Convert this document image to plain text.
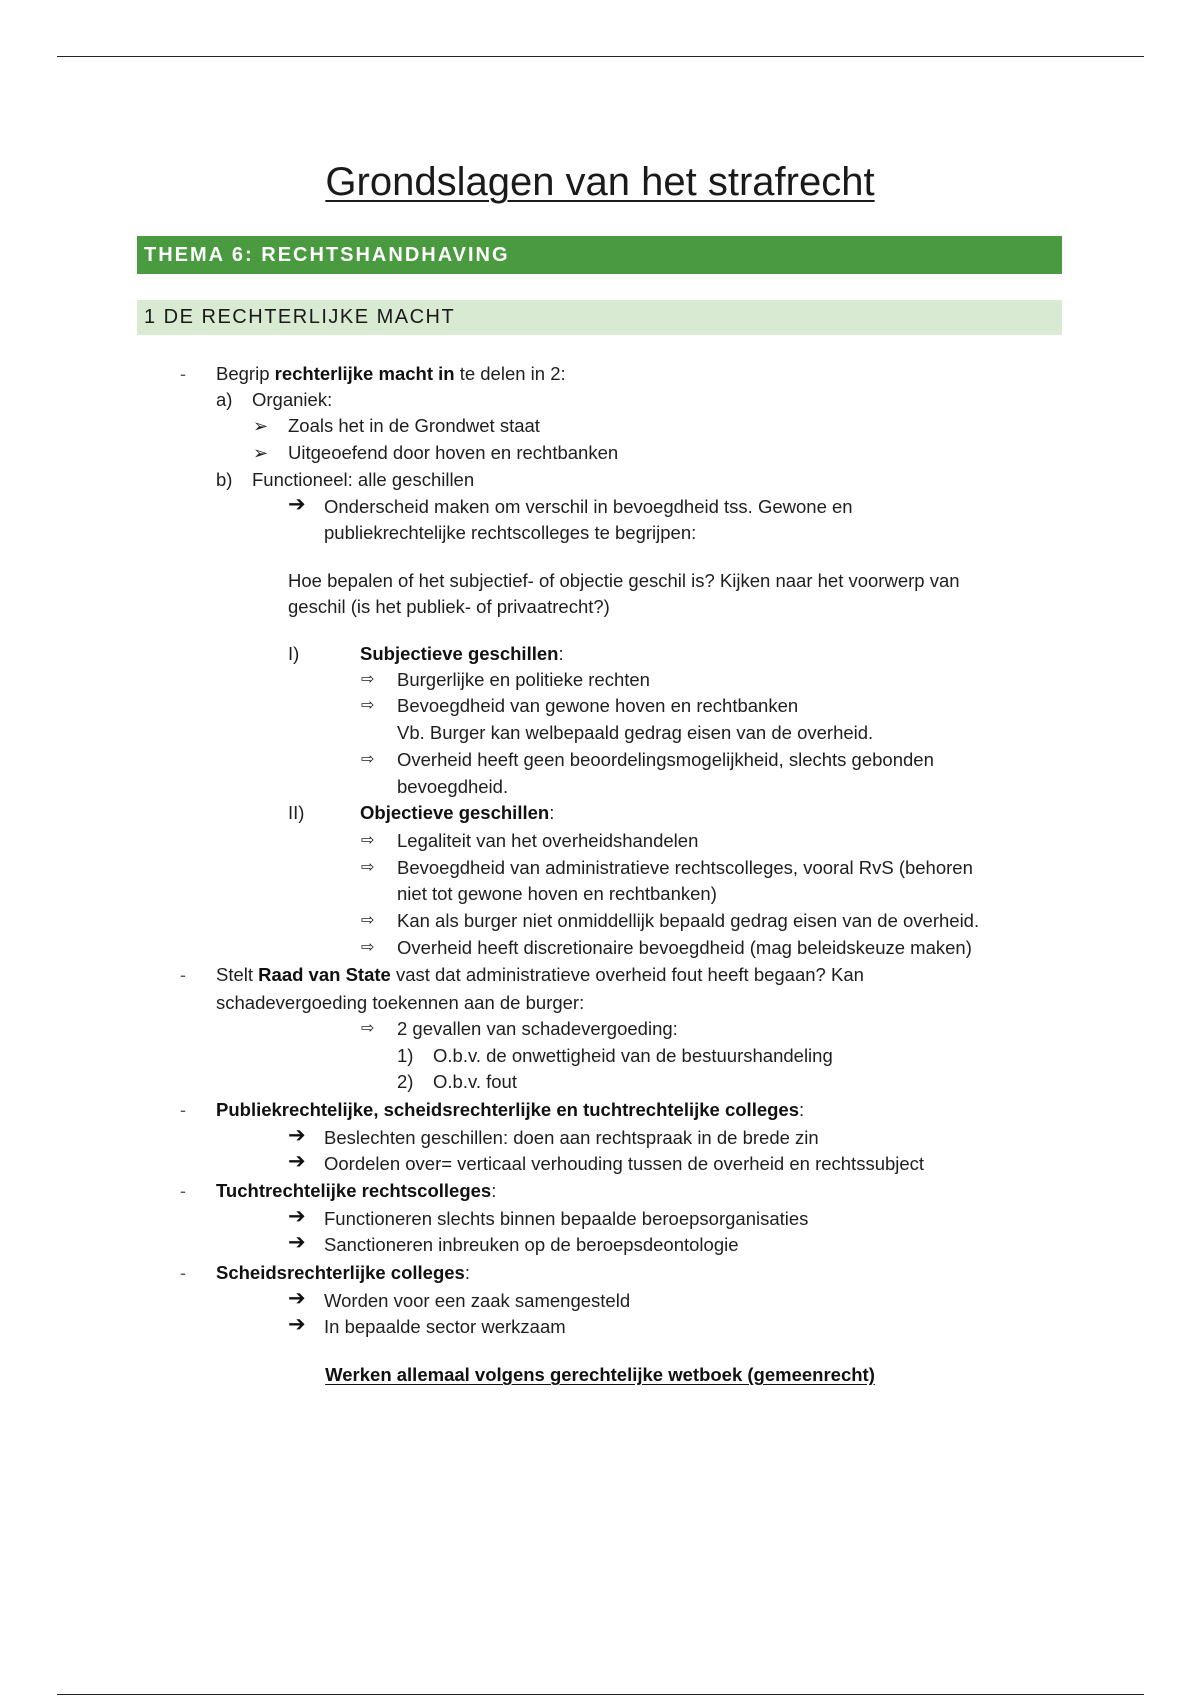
Grondslagen van het strafrecht
THEMA 6: RECHTSHANDHAVING
1 DE RECHTERLIJKE MACHT
- Begrip rechterlijke macht in te delen in 2:
a) Organiek:
➢ Zoals het in de Grondwet staat
➢ Uitgeoefend door hoven en rechtbanken
b) Functioneel: alle geschillen
➔ Onderscheid maken om verschil in bevoegdheid tss. Gewone en
publiekrechtelijke rechtscolleges te begrijpen:
Hoe bepalen of het subjectief- of objectie geschil is? Kijken naar het voorwerp van
geschil (is het publiek- of privaatrecht?)
I)	Subjectieve geschillen:
⇨ Burgerlijke en politieke rechten
⇨ Bevoegdheid van gewone hoven en rechtbanken
Vb. Burger kan welbepaald gedrag eisen van de overheid.
⇨ Overheid heeft geen beoordelingsmogelijkheid, slechts gebonden
bevoegdheid.
II)	Objectieve geschillen:
⇨ Legaliteit van het overheidshandelen
⇨ Bevoegdheid van administratieve rechtscolleges, vooral RvS (behoren
niet tot gewone hoven en rechtbanken)
⇨ Kan als burger niet onmiddellijk bepaald gedrag eisen van de overheid.
⇨ Overheid heeft discretionaire bevoegdheid (mag beleidskeuze maken)
- Stelt Raad van State vast dat administratieve overheid fout heeft begaan? Kan
schadevergoeding toekennen aan de burger:
⇨ 2 gevallen van schadevergoeding:
1) O.b.v. de onwettigheid van de bestuurshandeling
2) O.b.v. fout
- Publiekrechtelijke, scheidsrechterlijke en tuchtrechtelijke colleges:
➔ Beslechten geschillen: doen aan rechtspraak in de brede zin
➔ Oordelen over= verticaal verhouding tussen de overheid en rechtssubject
- Tuchtrechtelijke rechtscolleges:
➔ Functioneren slechts binnen bepaalde beroepsorganisaties
➔ Sanctioneren inbreuken op de beroepsdeontologie
- Scheidsrechterlijke colleges:
➔ Worden voor een zaak samengesteld
➔ In bepaalde sector werkzaam
Werken allemaal volgens gerechtelijke wetboek (gemeenrecht)
